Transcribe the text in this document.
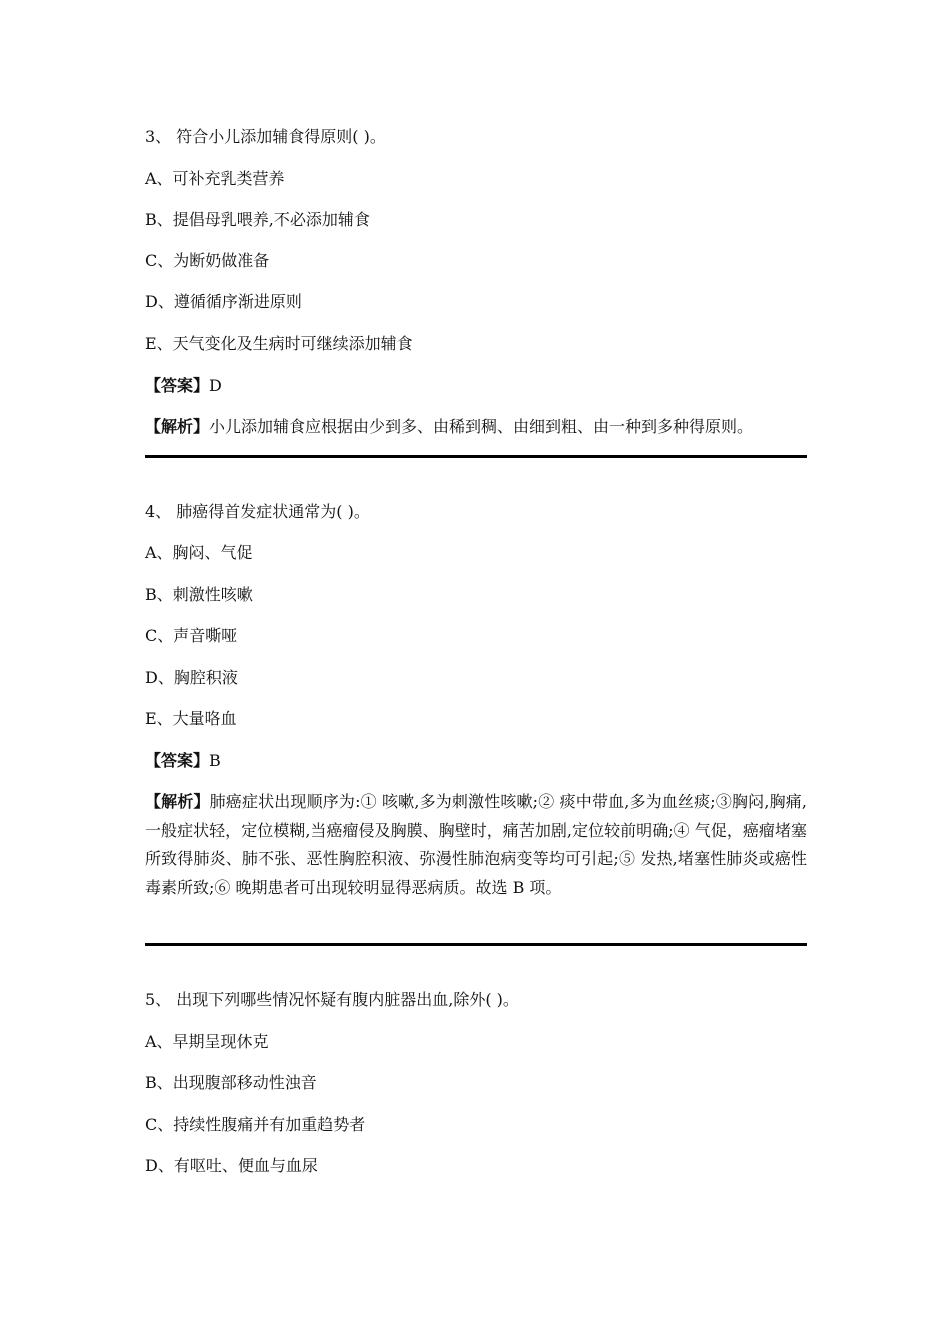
3、 符合小儿添加辅食得原则( )。
A、可补充乳类营养
B、提倡母乳喂养,不必添加辅食
C、为断奶做准备
D、遵循循序渐进原则
E、天气变化及生病时可继续添加辅食
【答案】D
【解析】小儿添加辅食应根据由少到多、由稀到稠、由细到粗、由一种到多种得原则。
4、 肺癌得首发症状通常为( )。
A、胸闷、气促
B、刺激性咳嗽
C、声音嘶哑
D、胸腔积液
E、大量咯血
【答案】B
【解析】肺癌症状出现顺序为:① 咳嗽,多为刺激性咳嗽;② 痰中带血,多为血丝痰;③胸闷,胸痛,一般症状轻，定位模糊,当癌瘤侵及胸膜、胸壁时，痛苦加剧,定位较前明确;④ 气促，癌瘤堵塞所致得肺炎、肺不张、恶性胸腔积液、弥漫性肺泡病变等均可引起;⑤ 发热,堵塞性肺炎或癌性毒素所致;⑥ 晚期患者可出现较明显得恶病质。故选 B 项。
5、 出现下列哪些情况怀疑有腹内脏器出血,除外( )。
A、早期呈现休克
B、出现腹部移动性浊音
C、持续性腹痛并有加重趋势者
D、有呕吐、便血与血尿
